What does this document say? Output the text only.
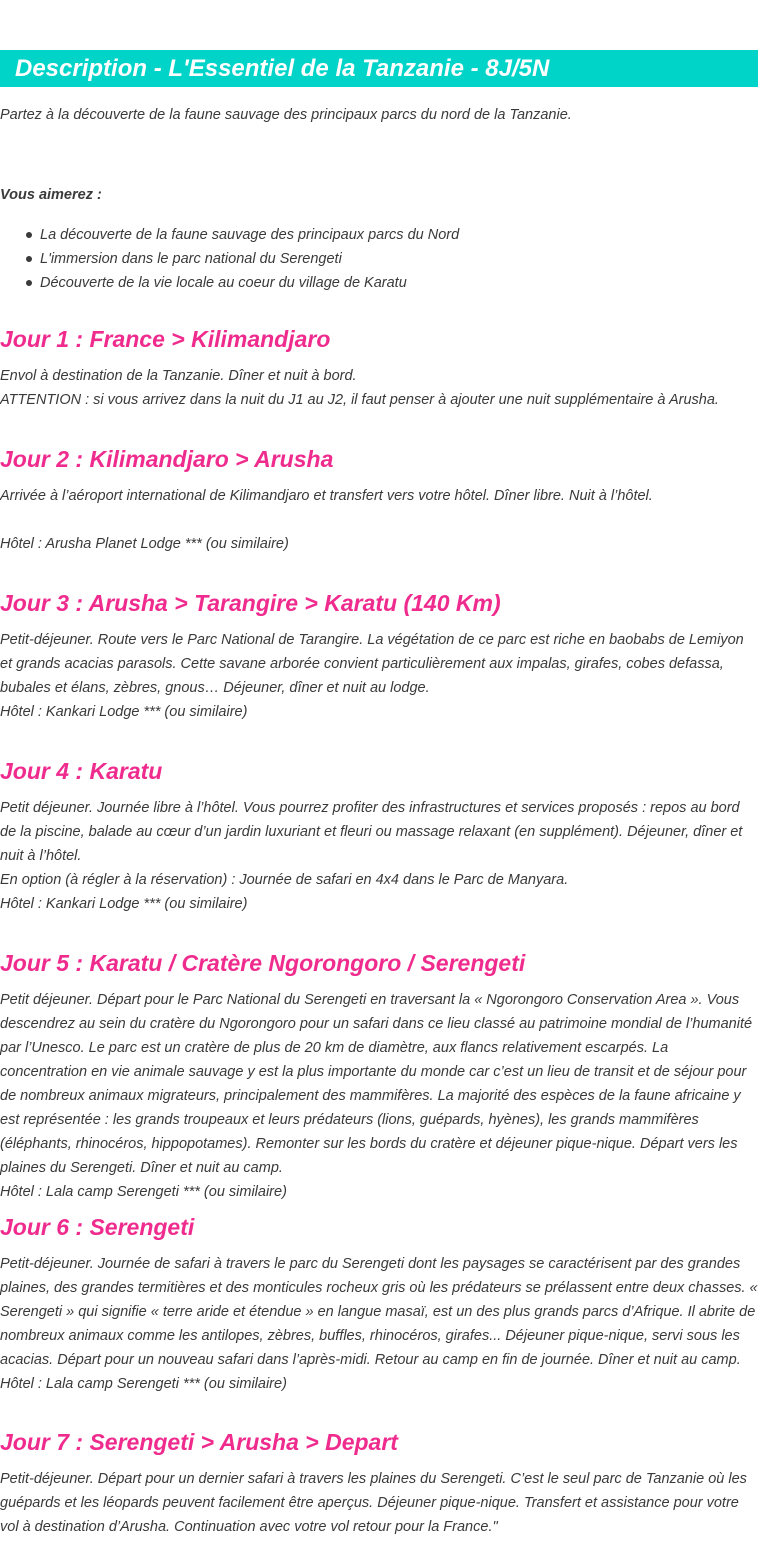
Description - L'Essentiel de la Tanzanie - 8J/5N

Partez à la découverte de la faune sauvage des principaux parcs du nord de la Tanzanie.

Vous aimerez :

La découverte de la faune sauvage des principaux parcs du Nord
L'immersion dans le parc national du Serengeti
Découverte de la vie locale au coeur du village de Karatu
Jour 1 : France > Kilimandjaro

Envol à destination de la Tanzanie. Dîner et nuit à bord.
ATTENTION : si vous arrivez dans la nuit du J1 au J2, il faut penser à ajouter une nuit supplémentaire à Arusha.

Jour 2 : Kilimandjaro > Arusha

Arrivée à l’aéroport international de Kilimandjaro et transfert vers votre hôtel. Dîner libre. Nuit à l’hôtel.

Hôtel : Arusha Planet Lodge *** (ou similaire)

Jour 3 : Arusha > Tarangire > Karatu (140 Km)

Petit-déjeuner. Route vers le Parc National de Tarangire. La végétation de ce parc est riche en baobabs de Lemiyon et grands acacias parasols. Cette savane arborée convient particulièrement aux impalas, girafes, cobes defassa, bubales et élans, zèbres, gnous… Déjeuner, dîner et nuit au lodge.
Hôtel : Kankari Lodge *** (ou similaire)

Jour 4 : Karatu

Petit déjeuner. Journée libre à l’hôtel. Vous pourrez profiter des infrastructures et services proposés : repos au bord de la piscine, balade au cœur d’un jardin luxuriant et fleuri ou massage relaxant (en supplément). Déjeuner, dîner et nuit à l’hôtel.
En option (à régler à la réservation) : Journée de safari en 4x4 dans le Parc de Manyara.
Hôtel : Kankari Lodge *** (ou similaire)

Jour 5 : Karatu / Cratère Ngorongoro / Serengeti

Petit déjeuner. Départ pour le Parc National du Serengeti en traversant la « Ngorongoro Conservation Area ». Vous descendrez au sein du cratère du Ngorongoro pour un safari dans ce lieu classé au patrimoine mondial de l’humanité par l’Unesco. Le parc est un cratère de plus de 20 km de diamètre, aux flancs relativement escarpés. La concentration en vie animale sauvage y est la plus importante du monde car c’est un lieu de transit et de séjour pour de nombreux animaux migrateurs, principalement des mammifères. La majorité des espèces de la faune africaine y est représentée : les grands troupeaux et leurs prédateurs (lions, guépards, hyènes), les grands mammifères (éléphants, rhinocéros, hippopotames). Remonter sur les bords du cratère et déjeuner pique-nique. Départ vers les plaines du Serengeti. Dîner et nuit au camp.
Hôtel : Lala camp Serengeti *** (ou similaire)

Jour 6 : Serengeti

Petit-déjeuner. Journée de safari à travers le parc du Serengeti dont les paysages se caractérisent par des grandes plaines, des grandes termitières et des monticules rocheux gris où les prédateurs se prélassent entre deux chasses. « Serengeti » qui signifie « terre aride et étendue » en langue masaï, est un des plus grands parcs d’Afrique. Il abrite de nombreux animaux comme les antilopes, zèbres, buffles, rhinocéros, girafes... Déjeuner pique-nique, servi sous les acacias. Départ pour un nouveau safari dans l’après-midi. Retour au camp en fin de journée. Dîner et nuit au camp.
Hôtel : Lala camp Serengeti *** (ou similaire)

Jour 7 : Serengeti > Arusha > Depart

Petit-déjeuner. Départ pour un dernier safari à travers les plaines du Serengeti. C’est le seul parc de Tanzanie où les guépards et les léopards peuvent facilement être aperçus. Déjeuner pique-nique. Transfert et assistance pour votre vol à destination d’Arusha. Continuation avec votre vol retour pour la France."
